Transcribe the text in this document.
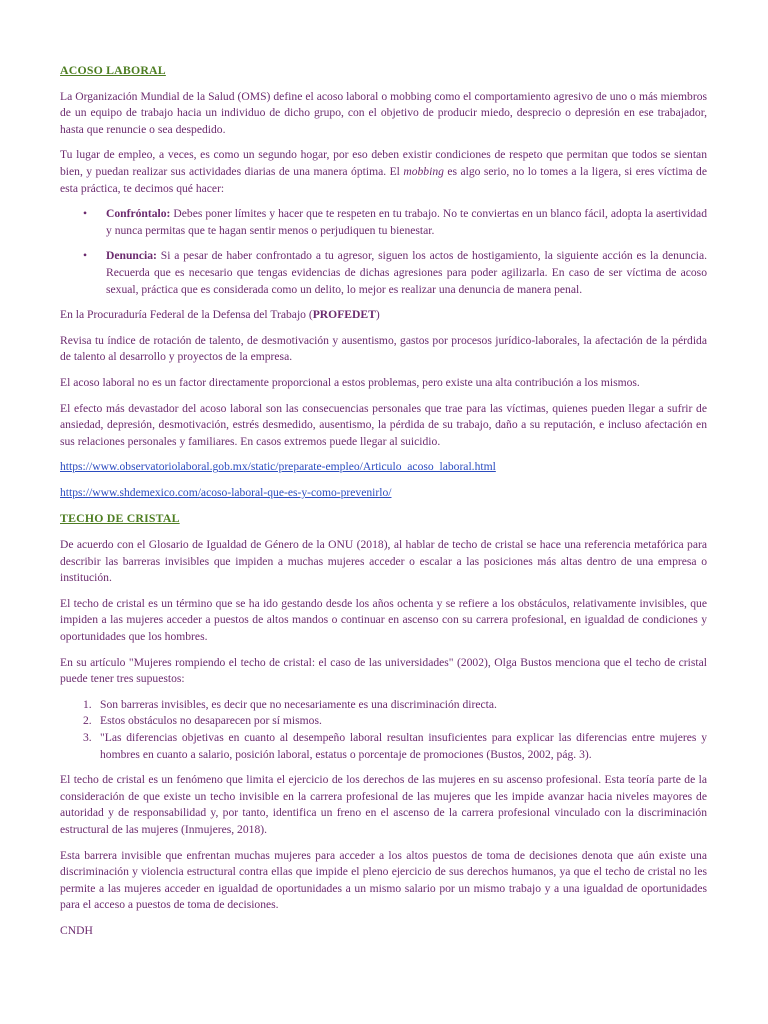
ACOSO LABORAL

La Organización Mundial de la Salud (OMS) define el acoso laboral o mobbing como el comportamiento agresivo de uno o más miembros de un equipo de trabajo hacia un individuo de dicho grupo, con el objetivo de producir miedo, desprecio o depresión en ese trabajador, hasta que renuncie o sea despedido.

Tu lugar de empleo, a veces, es como un segundo hogar, por eso deben existir condiciones de respeto que permitan que todos se sientan bien, y puedan realizar sus actividades diarias de una manera óptima. El mobbing es algo serio, no lo tomes a la ligera, si eres víctima de esta práctica, te decimos qué hacer:

• Confróntalo: Debes poner límites y hacer que te respeten en tu trabajo. No te conviertas en un blanco fácil, adopta la asertividad y nunca permitas que te hagan sentir menos o perjudiquen tu bienestar.
• Denuncia: Si a pesar de haber confrontado a tu agresor, siguen los actos de hostigamiento, la siguiente acción es la denuncia. Recuerda que es necesario que tengas evidencias de dichas agresiones para poder agilizarla. En caso de ser víctima de acoso sexual, práctica que es considerada como un delito, lo mejor es realizar una denuncia de manera penal.

En la Procuraduría Federal de la Defensa del Trabajo (PROFEDET)

Revisa tu índice de rotación de talento, de desmotivación y ausentismo, gastos por procesos jurídico-laborales, la afectación de la pérdida de talento al desarrollo y proyectos de la empresa.

El acoso laboral no es un factor directamente proporcional a estos problemas, pero existe una alta contribución a los mismos.

El efecto más devastador del acoso laboral son las consecuencias personales que trae para las víctimas, quienes pueden llegar a sufrir de ansiedad, depresión, desmotivación, estrés desmedido, ausentismo, la pérdida de su trabajo, daño a su reputación, e incluso afectación en sus relaciones personales y familiares. En casos extremos puede llegar al suicidio.

https://www.observatoriolaboral.gob.mx/static/preparate-empleo/Articulo_acoso_laboral.html

https://www.shdemexico.com/acoso-laboral-que-es-y-como-prevenirlo/

TECHO DE CRISTAL

De acuerdo con el Glosario de Igualdad de Género de la ONU (2018), al hablar de techo de cristal se hace una referencia metafórica para describir las barreras invisibles que impiden a muchas mujeres acceder o escalar a las posiciones más altas dentro de una empresa o institución.

El techo de cristal es un término que se ha ido gestando desde los años ochenta y se refiere a los obstáculos, relativamente invisibles, que impiden a las mujeres acceder a puestos de altos mandos o continuar en ascenso con su carrera profesional, en igualdad de condiciones y oportunidades que los hombres.

En su artículo "Mujeres rompiendo el techo de cristal: el caso de las universidades" (2002), Olga Bustos menciona que el techo de cristal puede tener tres supuestos:

1. Son barreras invisibles, es decir que no necesariamente es una discriminación directa.
2. Estos obstáculos no desaparecen por sí mismos.
3. "Las diferencias objetivas en cuanto al desempeño laboral resultan insuficientes para explicar las diferencias entre mujeres y hombres en cuanto a salario, posición laboral, estatus o porcentaje de promociones (Bustos, 2002, pág. 3).

El techo de cristal es un fenómeno que limita el ejercicio de los derechos de las mujeres en su ascenso profesional. Esta teoría parte de la consideración de que existe un techo invisible en la carrera profesional de las mujeres que les impide avanzar hacia niveles mayores de autoridad y de responsabilidad y, por tanto, identifica un freno en el ascenso de la carrera profesional vinculado con la discriminación estructural de las mujeres (Inmujeres, 2018).

Esta barrera invisible que enfrentan muchas mujeres para acceder a los altos puestos de toma de decisiones denota que aún existe una discriminación y violencia estructural contra ellas que impide el pleno ejercicio de sus derechos humanos, ya que el techo de cristal no les permite a las mujeres acceder en igualdad de oportunidades a un mismo salario por un mismo trabajo y a una igualdad de oportunidades para el acceso a puestos de toma de decisiones.

CNDH
